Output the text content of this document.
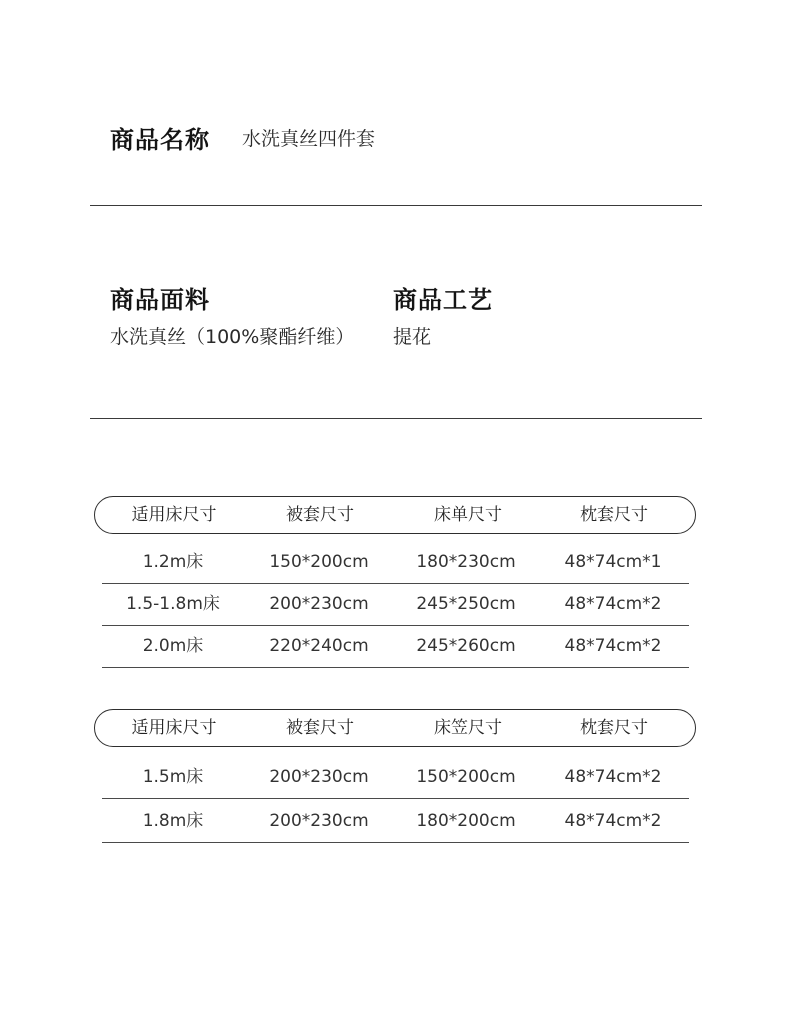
商品名称 水洗真丝四件套
商品面料
水洗真丝（100%聚酯纤维）
商品工艺
提花
适用床尺寸	被套尺寸	床单尺寸	枕套尺寸
1.2m床	150*200cm	180*230cm	48*74cm*1
1.5-1.8m床	200*230cm	245*250cm	48*74cm*2
2.0m床	220*240cm	245*260cm	48*74cm*2
适用床尺寸	被套尺寸	床笠尺寸	枕套尺寸
1.5m床	200*230cm	150*200cm	48*74cm*2
1.8m床	200*230cm	180*200cm	48*74cm*2
